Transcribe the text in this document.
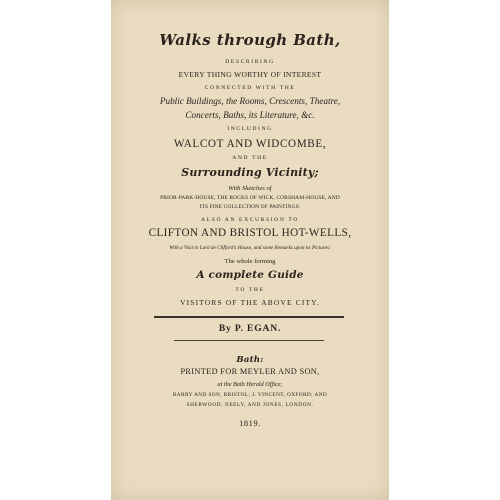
Walks through Bath,
DESCRIBING
EVERY THING WORTHY OF INTEREST
CONNECTED WITH THE
Public Buildings, the Rooms, Crescents, Theatre,
Concerts, Baths, its Literature, &c.
INCLUDING
WALCOT AND WIDCOMBE,
AND THE
Surrounding Vicinity;
With Sketches of
PRIOR-PARK-HOUSE, THE ROCKS OF WICK, CORSHAM-HOUSE, AND
ITS FINE COLLECTION OF PAINTINGS:
ALSO AN EXCURSION TO
CLIFTON AND BRISTOL HOT-WELLS,
With a Visit to Lord de Clifford's House, and some Remarks upon its Pictures:
The whole forming
A complete Guide
TO THE
VISITORS OF THE ABOVE CITY.
By P. EGAN.
Bath:
PRINTED FOR MEYLER AND SON,
at the Bath Herald Office;
BARRY AND SON, BRISTOL; J. VINCENT, OXFORD; AND
SHERWOOD, NEELY, AND JONES, LONDON.
1819.
